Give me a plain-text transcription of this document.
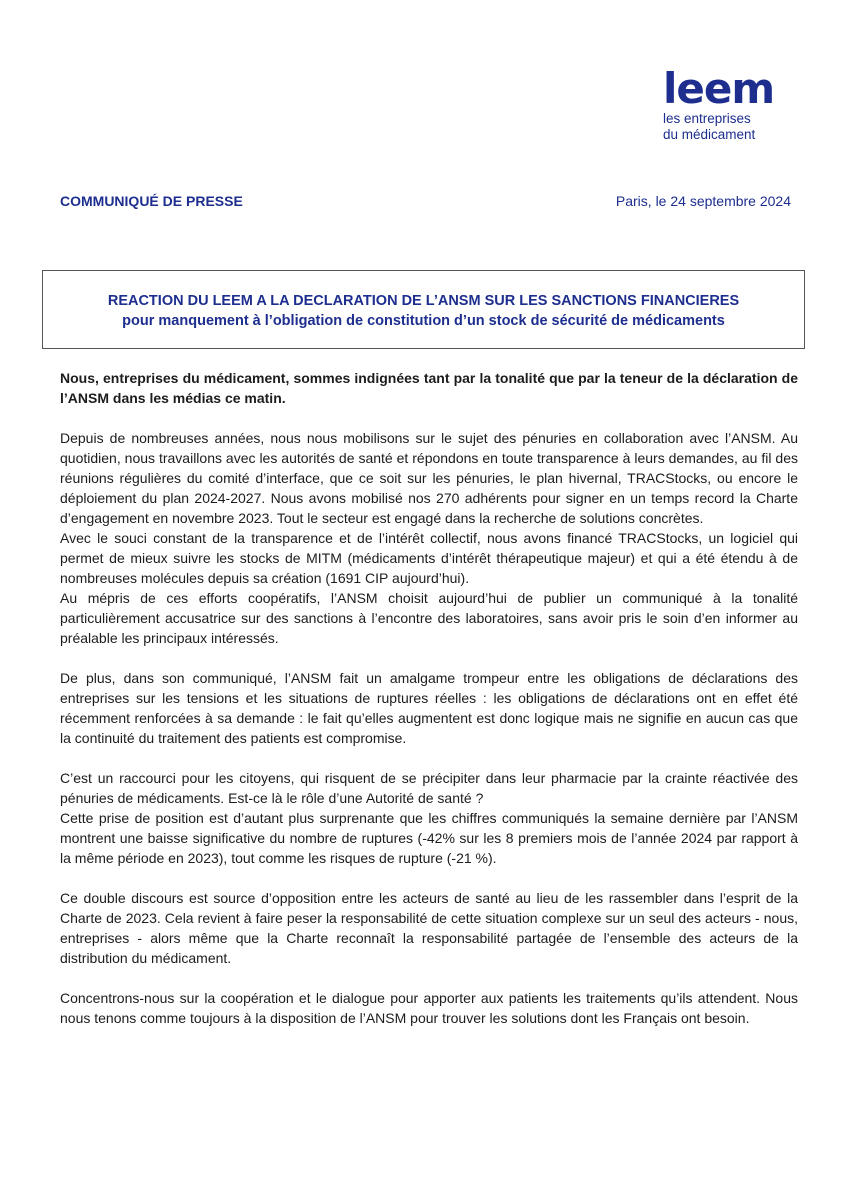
leem
les entreprises
du médicament
COMMUNIQUÉ DE PRESSE	Paris, le 24 septembre 2024
REACTION DU LEEM A LA DECLARATION DE L’ANSM SUR LES SANCTIONS FINANCIERES
pour manquement à l’obligation de constitution d’un stock de sécurité de médicaments

Nous, entreprises du médicament, sommes indignées tant par la tonalité que par la teneur de la déclaration de l’ANSM dans les médias ce matin.

Depuis de nombreuses années, nous nous mobilisons sur le sujet des pénuries en collaboration avec l’ANSM. Au quotidien, nous travaillons avec les autorités de santé et répondons en toute transparence à leurs demandes, au fil des réunions régulières du comité d’interface, que ce soit sur les pénuries, le plan hivernal, TRACStocks, ou encore le déploiement du plan 2024-2027. Nous avons mobilisé nos 270 adhérents pour signer en un temps record la Charte d’engagement en novembre 2023. Tout le secteur est engagé dans la recherche de solutions concrètes.
Avec le souci constant de la transparence et de l’intérêt collectif, nous avons financé TRACStocks, un logiciel qui permet de mieux suivre les stocks de MITM (médicaments d’intérêt thérapeutique majeur) et qui a été étendu à de nombreuses molécules depuis sa création (1691 CIP aujourd’hui).
Au mépris de ces efforts coopératifs, l’ANSM choisit aujourd’hui de publier un communiqué à la tonalité particulièrement accusatrice sur des sanctions à l’encontre des laboratoires, sans avoir pris le soin d’en informer au préalable les principaux intéressés.

De plus, dans son communiqué, l’ANSM fait un amalgame trompeur entre les obligations de déclarations des entreprises sur les tensions et les situations de ruptures réelles : les obligations de déclarations ont en effet été récemment renforcées à sa demande : le fait qu’elles augmentent est donc logique mais ne signifie en aucun cas que la continuité du traitement des patients est compromise.

C’est un raccourci pour les citoyens, qui risquent de se précipiter dans leur pharmacie par la crainte réactivée des pénuries de médicaments. Est-ce là le rôle d’une Autorité de santé ?
Cette prise de position est d’autant plus surprenante que les chiffres communiqués la semaine dernière par l’ANSM montrent une baisse significative du nombre de ruptures (-42% sur les 8 premiers mois de l’année 2024 par rapport à la même période en 2023), tout comme les risques de rupture (-21 %).

Ce double discours est source d’opposition entre les acteurs de santé au lieu de les rassembler dans l’esprit de la Charte de 2023. Cela revient à faire peser la responsabilité de cette situation complexe sur un seul des acteurs - nous, entreprises - alors même que la Charte reconnaît la responsabilité partagée de l’ensemble des acteurs de la distribution du médicament.

Concentrons-nous sur la coopération et le dialogue pour apporter aux patients les traitements qu’ils attendent. Nous nous tenons comme toujours à la disposition de l’ANSM pour trouver les solutions dont les Français ont besoin.
